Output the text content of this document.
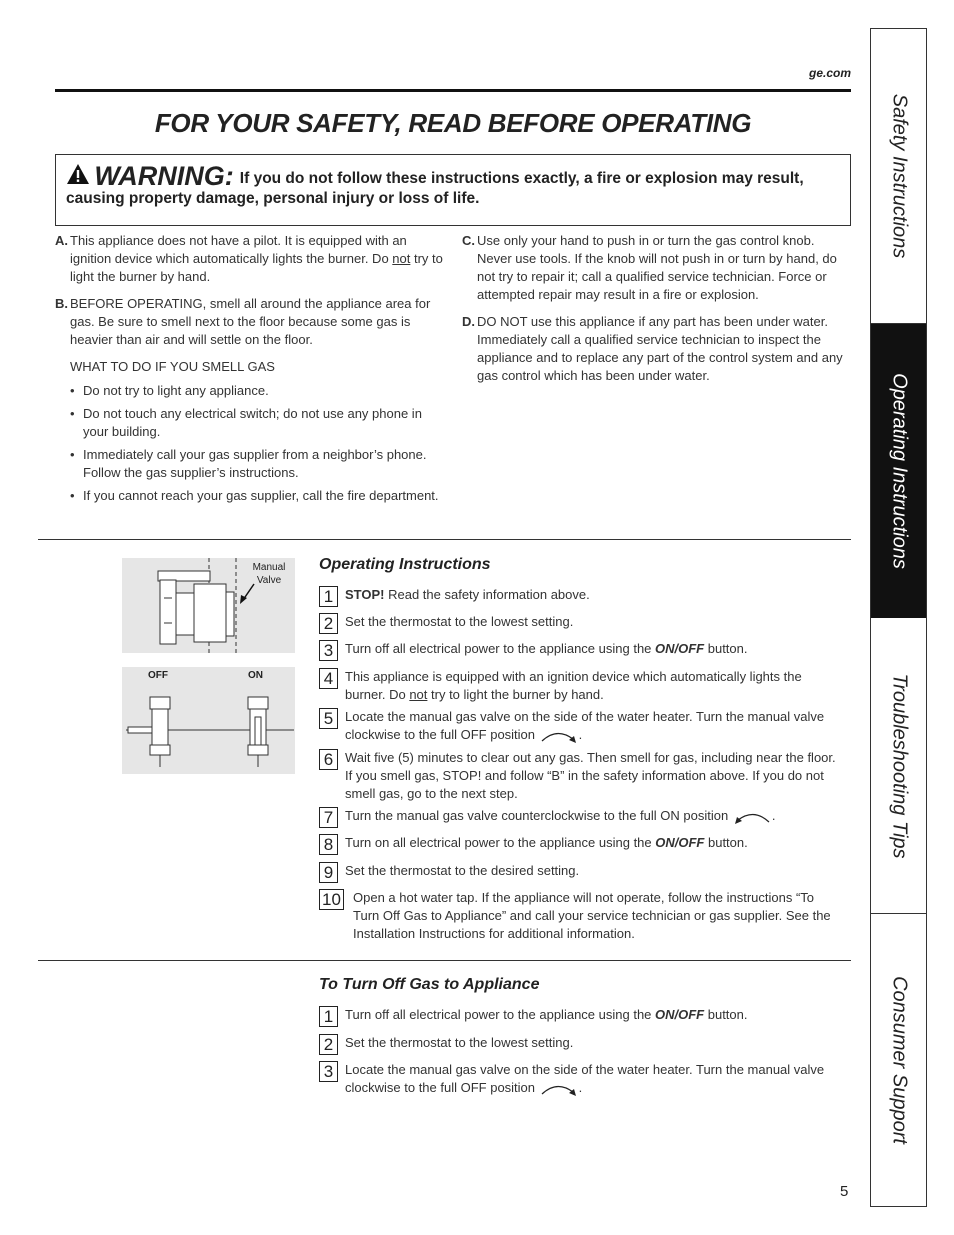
ge.com
FOR YOUR SAFETY, READ BEFORE OPERATING
WARNING: If you do not follow these instructions exactly, a fire or explosion may result, causing property damage, personal injury or loss of life.
A. This appliance does not have a pilot. It is equipped with an ignition device which automatically lights the burner. Do not try to light the burner by hand.
B. BEFORE OPERATING, smell all around the appliance area for gas. Be sure to smell next to the floor because some gas is heavier than air and will settle on the floor.
WHAT TO DO IF YOU SMELL GAS
• Do not try to light any appliance.
• Do not touch any electrical switch; do not use any phone in your building.
• Immediately call your gas supplier from a neighbor’s phone. Follow the gas supplier’s instructions.
• If you cannot reach your gas supplier, call the fire department.
C. Use only your hand to push in or turn the gas control knob. Never use tools. If the knob will not push in or turn by hand, do not try to repair it; call a qualified service technician. Force or attempted repair may result in a fire or explosion.
D. DO NOT use this appliance if any part has been under water. Immediately call a qualified service technician to inspect the appliance and to replace any part of the control system and any gas control which has been under water.
Manual
Valve
OFF	ON
Operating Instructions
1 STOP! Read the safety information above.
2 Set the thermostat to the lowest setting.
3 Turn off all electrical power to the appliance using the ON/OFF button.
4 This appliance is equipped with an ignition device which automatically lights the burner. Do not try to light the burner by hand.
5 Locate the manual gas valve on the side of the water heater. Turn the manual valve clockwise to the full OFF position	.
6 Wait five (5) minutes to clear out any gas. Then smell for gas, including near the floor. If you smell gas, STOP! and follow “B” in the safety information above. If you do not smell gas, go to the next step.
7 Turn the manual gas valve counterclockwise to the full ON position	.
8 Turn on all electrical power to the appliance using the ON/OFF button.
9 Set the thermostat to the desired setting.
10 Open a hot water tap. If the appliance will not operate, follow the instructions “To Turn Off Gas to Appliance” and call your service technician or gas supplier. See the Installation Instructions for additional information.
To Turn Off Gas to Appliance
1 Turn off all electrical power to the appliance using the ON/OFF button.
2 Set the thermostat to the lowest setting.
3 Locate the manual gas valve on the side of the water heater. Turn the manual valve clockwise to the full OFF position	.
Safety Instructions
Operating Instructions
Troubleshooting Tips
Consumer Support
5
